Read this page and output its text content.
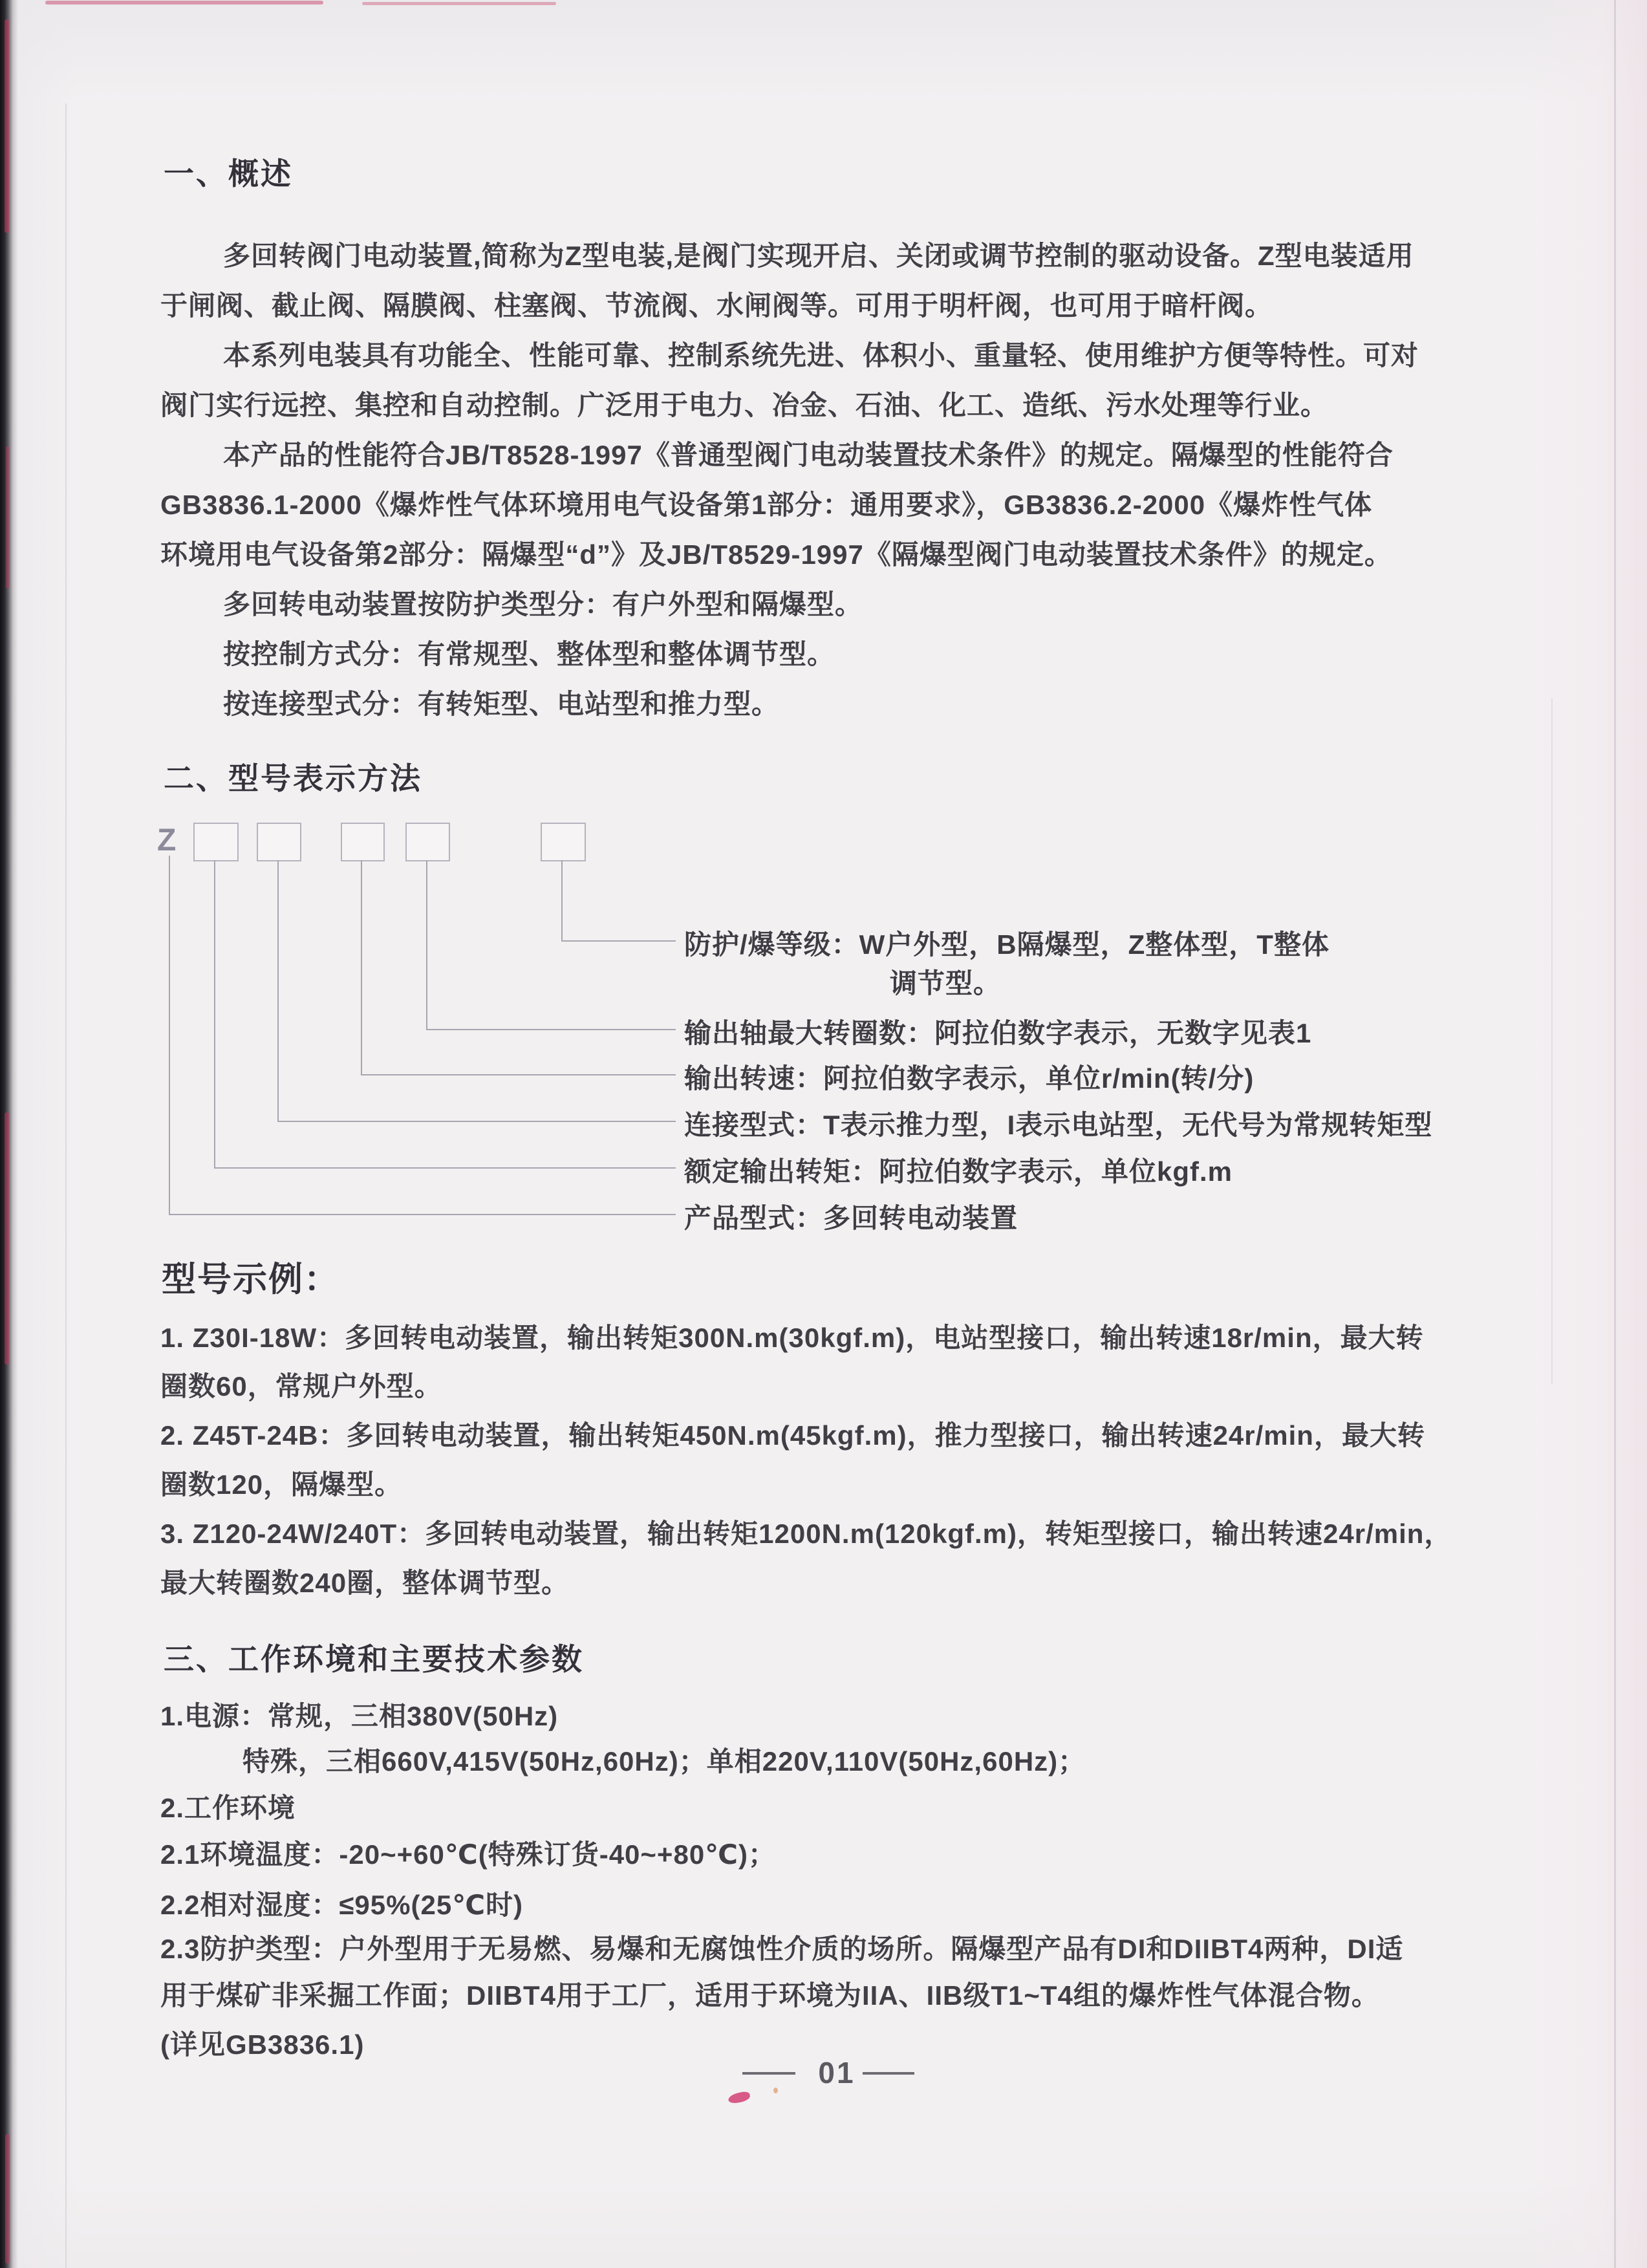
一、概述
多回转阀门电动装置,简称为Z型电装,是阀门实现开启、关闭或调节控制的驱动设备。Z型电装适用
于闸阀、截止阀、隔膜阀、柱塞阀、节流阀、水闸阀等。可用于明杆阀，也可用于暗杆阀。
本系列电装具有功能全、性能可靠、控制系统先进、体积小、重量轻、使用维护方便等特性。可对
阀门实行远控、集控和自动控制。广泛用于电力、冶金、石油、化工、造纸、污水处理等行业。
本产品的性能符合JB/T8528-1997《普通型阀门电动装置技术条件》的规定。隔爆型的性能符合
GB3836.1-2000《爆炸性气体环境用电气设备第1部分：通用要求》，GB3836.2-2000《爆炸性气体
环境用电气设备第2部分：隔爆型“d”》及JB/T8529-1997《隔爆型阀门电动装置技术条件》的规定。
多回转电动装置按防护类型分：有户外型和隔爆型。
按控制方式分：有常规型、整体型和整体调节型。
按连接型式分：有转矩型、电站型和推力型。
二、型号表示方法
Z
防护/爆等级：W户外型，B隔爆型，Z整体型，T整体
调节型。
输出轴最大转圈数：阿拉伯数字表示，无数字见表1
输出转速：阿拉伯数字表示，单位r/min(转/分)
连接型式：T表示推力型，I表示电站型，无代号为常规转矩型
额定输出转矩：阿拉伯数字表示，单位kgf.m
产品型式：多回转电动装置
型号示例：
1. Z30I-18W：多回转电动装置，输出转矩300N.m(30kgf.m)，电站型接口，输出转速18r/min，最大转
圈数60，常规户外型。
2. Z45T-24B：多回转电动装置，输出转矩450N.m(45kgf.m)，推力型接口，输出转速24r/min，最大转
圈数120，隔爆型。
3. Z120-24W/240T：多回转电动装置，输出转矩1200N.m(120kgf.m)，转矩型接口，输出转速24r/min，
最大转圈数240圈，整体调节型。
三、工作环境和主要技术参数
1.电源：常规，三相380V(50Hz)
特殊，三相660V,415V(50Hz,60Hz)；单相220V,110V(50Hz,60Hz)；
2.工作环境
2.1环境温度：-20~+60℃(特殊订货-40~+80℃)；
2.2相对湿度：≤95%(25℃时)
2.3防护类型：户外型用于无易燃、易爆和无腐蚀性介质的场所。隔爆型产品有DI和DIIBT4两种，DI适
用于煤矿非采掘工作面；DIIBT4用于工厂，适用于环境为IIA、IIB级T1~T4组的爆炸性气体混合物。
(详见GB3836.1)
01
